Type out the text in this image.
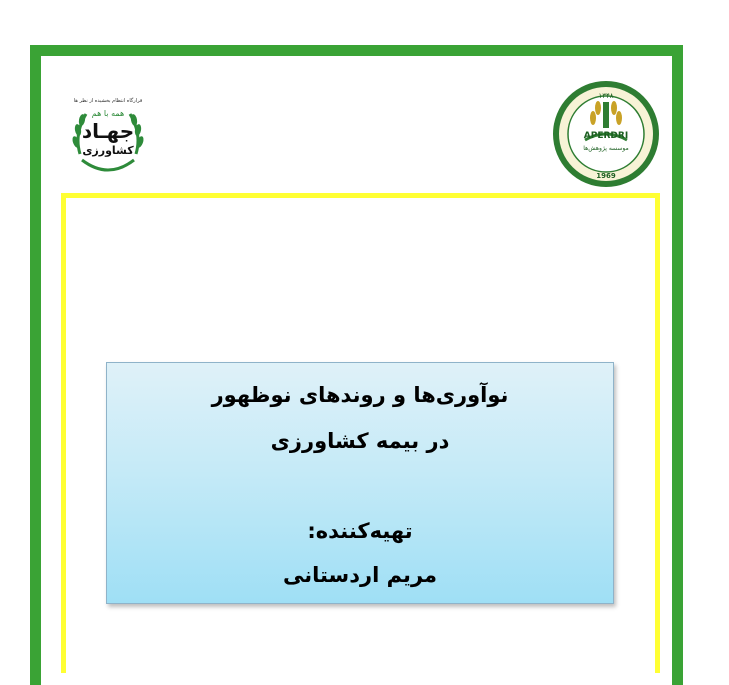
قرارگاه انتظام بخشیده از نظر ها
همه با هم
جهـاد
کشاورزی
APERDRI
موسسه پژوهش‌ها
۱۳۴۸
1969
نوآوری‌ها و روندهای نوظهور
در بیمه کشاورزی
تهیه‌کننده:
مریم اردستانی
